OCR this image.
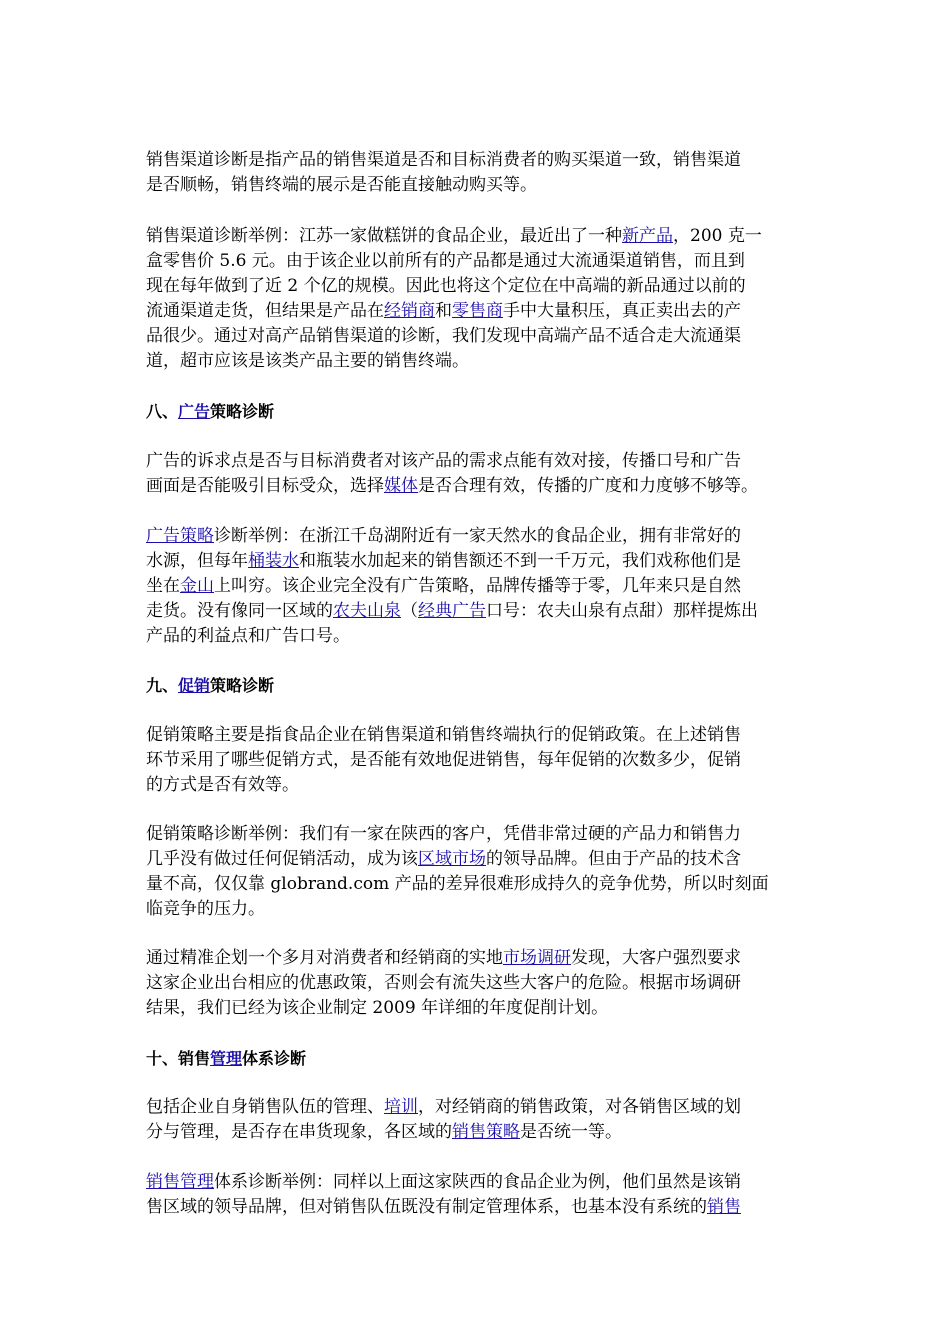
销售渠道诊断是指产品的销售渠道是否和目标消费者的购买渠道一致，销售渠道
是否顺畅，销售终端的展示是否能直接触动购买等。

销售渠道诊断举例：江苏一家做糕饼的食品企业，最近出了一种新产品，200 克一
盒零售价 5.6 元。由于该企业以前所有的产品都是通过大流通渠道销售，而且到
现在每年做到了近 2 个亿的规模。因此也将这个定位在中高端的新品通过以前的
流通渠道走货，但结果是产品在经销商和零售商手中大量积压，真正卖出去的产
品很少。通过对高产品销售渠道的诊断，我们发现中高端产品不适合走大流通渠
道，超市应该是该类产品主要的销售终端。

八、广告策略诊断

广告的诉求点是否与目标消费者对该产品的需求点能有效对接，传播口号和广告
画面是否能吸引目标受众，选择媒体是否合理有效，传播的广度和力度够不够等。

广告策略诊断举例：在浙江千岛湖附近有一家天然水的食品企业，拥有非常好的
水源，但每年桶装水和瓶装水加起来的销售额还不到一千万元，我们戏称他们是
坐在金山上叫穷。该企业完全没有广告策略，品牌传播等于零，几年来只是自然
走货。没有像同一区域的农夫山泉（经典广告口号：农夫山泉有点甜）那样提炼出
产品的利益点和广告口号。

九、促销策略诊断

促销策略主要是指食品企业在销售渠道和销售终端执行的促销政策。在上述销售
环节采用了哪些促销方式，是否能有效地促进销售，每年促销的次数多少，促销
的方式是否有效等。

促销策略诊断举例：我们有一家在陕西的客户，凭借非常过硬的产品力和销售力
几乎没有做过任何促销活动，成为该区域市场的领导品牌。但由于产品的技术含
量不高，仅仅靠 globrand.com 产品的差异很难形成持久的竞争优势，所以时刻面
临竞争的压力。

通过精准企划一个多月对消费者和经销商的实地市场调研发现，大客户强烈要求
这家企业出台相应的优惠政策，否则会有流失这些大客户的危险。根据市场调研
结果，我们已经为该企业制定 2009 年详细的年度促削计划。

十、销售管理体系诊断

包括企业自身销售队伍的管理、培训，对经销商的销售政策，对各销售区域的划
分与管理，是否存在串货现象，各区域的销售策略是否统一等。

销售管理体系诊断举例：同样以上面这家陕西的食品企业为例，他们虽然是该销
售区域的领导品牌，但对销售队伍既没有制定管理体系，也基本没有系统的销售
